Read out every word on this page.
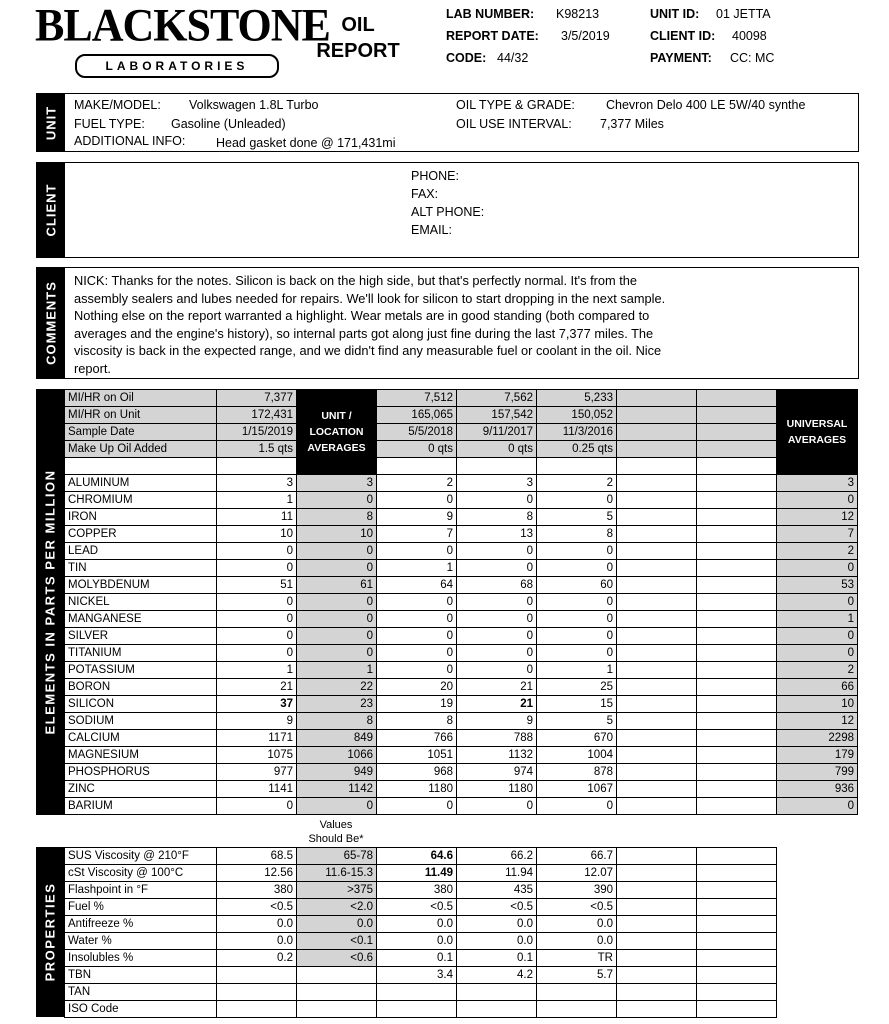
BLACKSTONE
LABORATORIES
OIL
REPORT
LAB NUMBER: K98213
REPORT DATE: 3/5/2019
CODE: 44/32
UNIT ID: 01 JETTA
CLIENT ID: 40098
PAYMENT: CC: MC
UNIT
MAKE/MODEL: Volkswagen 1.8L Turbo
FUEL TYPE: Gasoline (Unleaded)
ADDITIONAL INFO: Head gasket done @ 171,431mi
OIL TYPE & GRADE: Chevron Delo 400 LE 5W/40 synthe
OIL USE INTERVAL: 7,377 Miles
CLIENT
PHONE:
FAX:
ALT PHONE:
EMAIL:
COMMENTS
NICK: Thanks for the notes. Silicon is back on the high side, but that's perfectly normal. It's from the
assembly sealers and lubes needed for repairs. We'll look for silicon to start dropping in the next sample.
Nothing else on the report warranted a highlight. Wear metals are in good standing (both compared to
averages and the engine's history), so internal parts got along just fine during the last 7,377 miles. The
viscosity is back in the expected range, and we didn't find any measurable fuel or coolant in the oil. Nice
report.
ELEMENTS IN PARTS PER MILLION
MI/HR on Oil	7,377	UNIT / LOCATION AVERAGES	7,512	7,562	5,233			UNIVERSAL AVERAGES
MI/HR on Unit	172,431		165,065	157,542	150,052			
Sample Date	1/15/2019		5/5/2018	9/11/2017	11/3/2016			
Make Up Oil Added	1.5 qts		0 qts	0 qts	0.25 qts			

ALUMINUM	3	3	2	3	2			3
CHROMIUM	1	0	0	0	0			0
IRON	11	8	9	8	5			12
COPPER	10	10	7	13	8			7
LEAD	0	0	0	0	0			2
TIN	0	0	1	0	0			0
MOLYBDENUM	51	61	64	68	60			53
NICKEL	0	0	0	0	0			0
MANGANESE	0	0	0	0	0			1
SILVER	0	0	0	0	0			0
TITANIUM	0	0	0	0	0			0
POTASSIUM	1	1	0	0	1			2
BORON	21	22	20	21	25			66
SILICON	37	23	19	21	15			10
SODIUM	9	8	8	9	5			12
CALCIUM	1171	849	766	788	670			2298
MAGNESIUM	1075	1066	1051	1132	1004			179
PHOSPHORUS	977	949	968	974	878			799
ZINC	1141	1142	1180	1180	1067			936
BARIUM	0	0	0	0	0			0
Values
Should Be*
PROPERTIES
SUS Viscosity @ 210°F	68.5	65-78	64.6	66.2	66.7		
cSt Viscosity @ 100°C	12.56	11.6-15.3	11.49	11.94	12.07		
Flashpoint in °F	380	>375	380	435	390		
Fuel %	<0.5	<2.0	<0.5	<0.5	<0.5		
Antifreeze %	0.0	0.0	0.0	0.0	0.0		
Water %	0.0	<0.1	0.0	0.0	0.0		
Insolubles %	0.2	<0.6	0.1	0.1	TR		
TBN			3.4	4.2	5.7		
TAN							
ISO Code							
